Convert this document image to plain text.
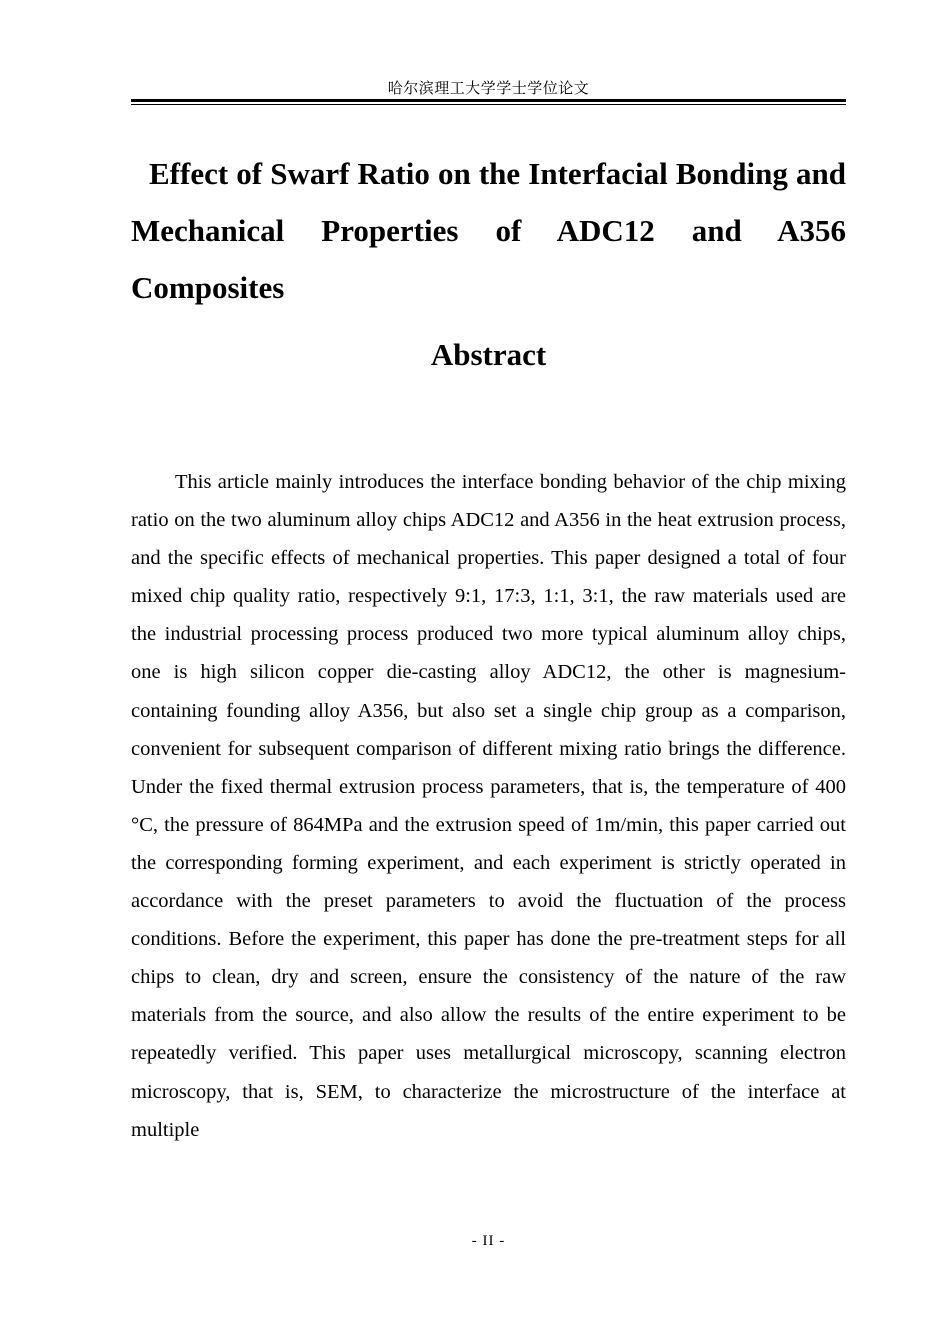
哈尔滨理工大学学士学位论文
Effect of Swarf Ratio on the Interfacial Bonding and Mechanical Properties of ADC12 and A356 Composites
Abstract

This article mainly introduces the interface bonding behavior of the chip mixing ratio on the two aluminum alloy chips ADC12 and A356 in the heat extrusion process, and the specific effects of mechanical properties. This paper designed a total of four mixed chip quality ratio, respectively 9:1, 17:3, 1:1, 3:1, the raw materials used are the industrial processing process produced two more typical aluminum alloy chips, one is high silicon copper die-casting alloy ADC12, the other is magnesium-containing founding alloy A356, but also set a single chip group as a comparison, convenient for subsequent comparison of different mixing ratio brings the difference. Under the fixed thermal extrusion process parameters, that is, the temperature of 400 °C, the pressure of 864MPa and the extrusion speed of 1m/min, this paper carried out the corresponding forming experiment, and each experiment is strictly operated in accordance with the preset parameters to avoid the fluctuation of the process conditions. Before the experiment, this paper has done the pre-treatment steps for all chips to clean, dry and screen, ensure the consistency of the nature of the raw materials from the source, and also allow the results of the entire experiment to be repeatedly verified. This paper uses metallurgical microscopy, scanning electron microscopy, that is, SEM, to characterize the microstructure of the interface at multiple

- II -
